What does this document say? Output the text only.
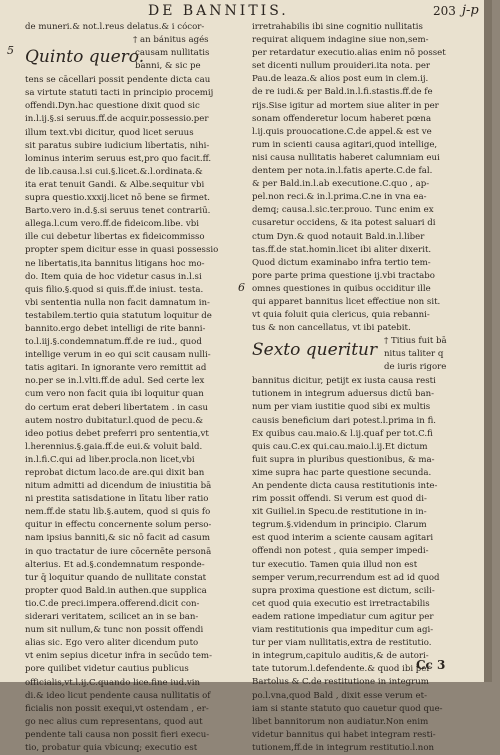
DE BANNITIS.	203 j-p
5
6
de muneri.& not.l.reus delatus.& i cócor-
† an bánitus agés
Quinto quero.
causam nullitatis
banni, & sic pe
tens se cācellari possit pendente dicta cau
sa virtute statuti tacti in principio procemij
offendi.Dyn.hac questione dixit quod sic
in.l.ij.§.si seruus.ff.de acquir.possessio.per
illum text.vbi dicitur, quod licet seruus
sit paratus subire iudicium libertatis, nihi-
lominus interim seruus est,pro quo facit.ff.
de lib.causa.l.si cui.§.licet.&.l.ordinata.&
ita erat tenuit Gandi. & Albe.sequitur vbi
supra questio.xxxij.licet nō bene se firmet.
Barto.vero in.d.§.si seruus tenet contrariū.
allega.l.cum vero.ff.de fideicom.libe. vbi
ille cui debetur libertas ex fideicommisso
propter spem dicitur esse in quasi possessio
ne libertatis,ita bannitus litigans hoc mo-
do. Item quia de hoc videtur casus in.l.si
quis filio.§.quod si quis.ff.de iniust. testa.
vbi sententia nulla non facit damnatum in-
testabilem.tertio quia statutum loquitur de
bannito.ergo debet intelligi de rite banni-
to.l.iij.§.condemnatum.ff.de re iud., quod
intellige verum in eo qui scit causam nulli-
tatis agitari. In ignorante vero remittit ad
no.per se in.l.vlti.ff.de adul. Sed certe lex
cum vero non facit quia ibi loquitur quan
do certum erat deberi libertatem . in casu
autem nostro dubitatur.l.quod de pecu.&
ideo potius debet preferri pro sententia,vt
l.herennius.§.gaia.ff.de eui.& voluit bald.
in.l.fi.C.qui ad liber.procla.non licet,vbi
reprobat dictum laco.de are.qui dixit ban
nitum admitti ad dicendum de iniustitia bā
ni prestita satisdatione in lītatu liber ratio
nem.ff.de statu lib.§.autem, quod si quis fo
quitur in effectu concernente solum perso-
nam ipsius banniti,& sic nō facit ad casum
in quo tractatur de iure cōcernēte personā
alterius. Et ad.§.condemnatum responde-
tur q̄ loquitur quando de nullitate constat
propter quod Bald.in authen.que supplica
tio.C.de preci.impera.offerend.dicit con-
siderari veritatem, scilicet an in se ban-
num sit nullum,& tunc non possit offendi
alias sic. Ego vero aliter dicendum puto
vt enim sepius dicetur infra in secūdo tem-
pore quilibet videtur cautius publicus
officialis,vt.l.ij.C.quando lice.fine iud.vin
di.& ideo licut pendente causa nullitatis of
ficialis non possit exequi,vt ostendam , er-
go nec alius cum representans, quod aut
pendente tali causa non possit fieri execu-
tio, probatur quia vbicunq; executio est
irretrahabilis ibi sine cognitio nullitatis
requirat aliquem indagine siue non,sem-
per retardatur executio.alias enim nō posset
set dicenti nullum prouideri.ita nota. per
Pau.de leaza.& alios post eum in clem.ij.
de re iudi.& per Bald.in.l.fi.stastis.ff.de fe
rijs.Sise igitur ad mortem siue aliter in per
sonam offenderetur locum haberet pœna
l.ij.quis prouocatione.C.de appel.& est ve
rum in scienti causa agitari,quod intellige,
nisi causa nullitatis haberet calumniam eui
dentem per nota.in.l.fatis aperte.C.de fal.
& per Bald.in.l.ab executione.C.quo , ap-
pel.non reci.& in.l.prima.C.ne in vna ea-
demq; causa.l.sic.ter.prouo. Tunc enim ex
cusaretur occidens, & ita potest saluari di
ctum Dyn.& quod notauit Bald.in.l.liber
tas.ff.de stat.homin.licet ibi aliter dixerit.
Quod dictum examinabo infra tertio tem-
pore parte prima questione ij.vbi tractabo
omnes questiones in quibus occiditur ille
qui apparet bannitus licet effectiue non sit.
vt quia foluit quia clericus, quia rebanni-
tus & non cancellatus, vt ibi patebit.
Sexto queritur † Titius fuit bā
nitus taliter q
de iuris rigore
bannitus dicitur, petijt ex iusta causa resti
tutionem in integrum aduersus dictū ban-
num per viam iustitie quod sibi ex multis
causis beneficium dari potest.l.prima in fi.
Ex quibus cau.maio.& l.ij.quaf per tot.C.fi
quis cau.C.ex qui.cau.maio.l.ij.Et dictum
fuit supra in pluribus questionibus, & ma-
xime supra hac parte questione secunda.
An pendente dicta causa restitutionis inte-
rim possit offendi. Si verum est quod di-
xit Guiliel.in Specu.de restitutione in in-
tegrum.§.videndum in principio. Clarum
est quod interim a sciente causam agitari
offendi non potest , quia semper impedi-
tur executio. Tamen quia illud non est
semper verum,recurrendum est ad id quod
supra proxima questione est dictum, scili-
cet quod quia executio est irretractabilis
eadem ratione impediatur cum agitur per
viam restitutionis qua impeditur cum agi-
tur per viam nullitatis,extra de restitutio.
in integrum,capitulo auditis,& de autori-
tate tutorum.l.defendente.& quod ibi per
Bartolus & C.de restitutione in integrum
po.l.vna,quod Bald , dixit esse verum et-
iam si stante statuto quo cauetur quod que-
libet bannitorum non audiatur.Non enim
videtur bannitus qui habet integram resti-
tutionem,ff.de in integrum restitutio.l.non
Cc 3
